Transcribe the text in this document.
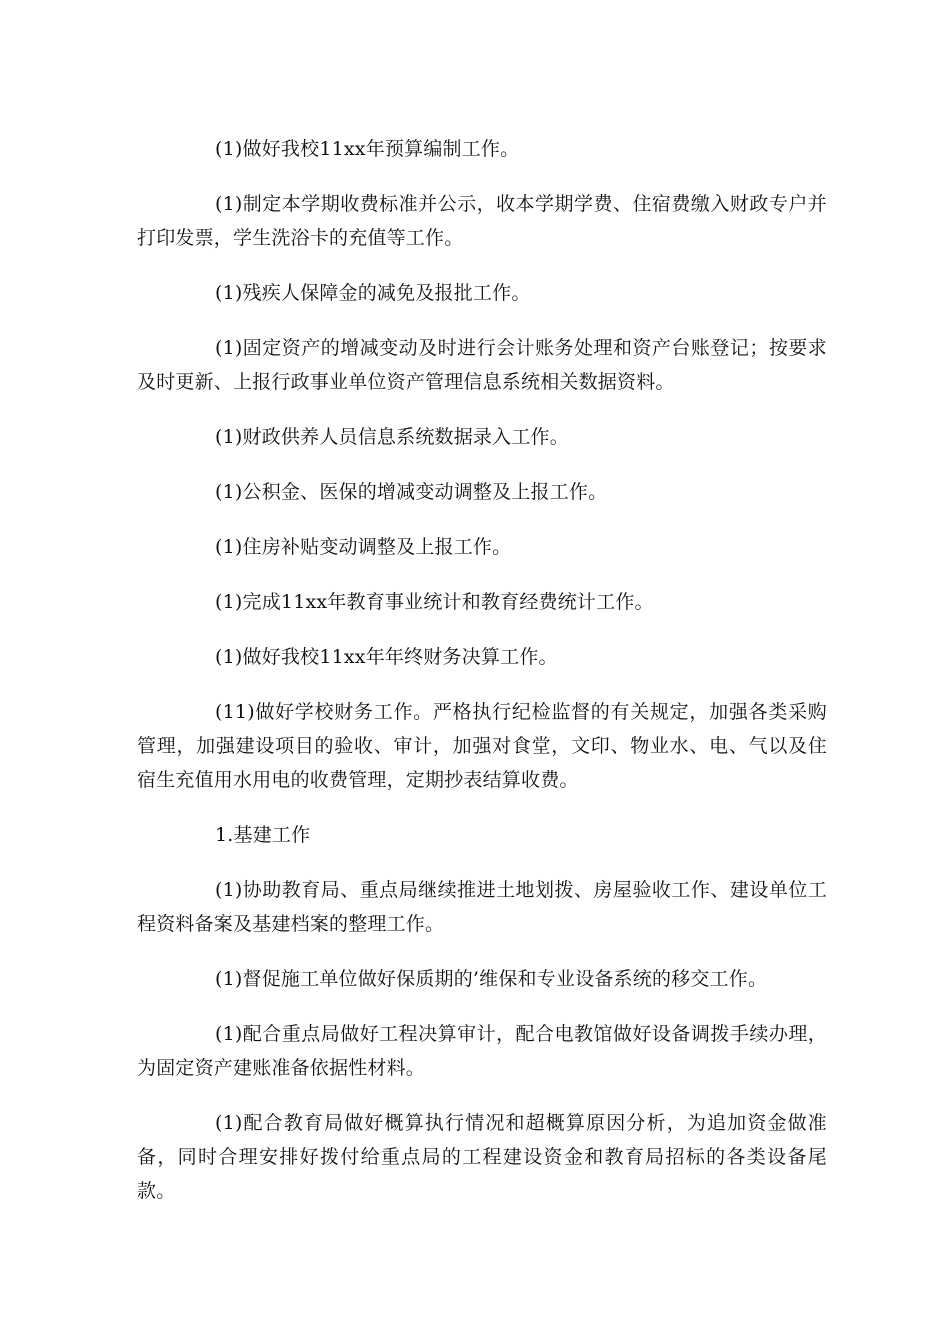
(1)做好我校11xx年预算编制工作。

(1)制定本学期收费标准并公示，收本学期学费、住宿费缴入财政专户并打印发票，学生洗浴卡的充值等工作。

(1)残疾人保障金的减免及报批工作。

(1)固定资产的增减变动及时进行会计账务处理和资产台账登记；按要求及时更新、上报行政事业单位资产管理信息系统相关数据资料。

(1)财政供养人员信息系统数据录入工作。

(1)公积金、医保的增减变动调整及上报工作。

(1)住房补贴变动调整及上报工作。

(1)完成11xx年教育事业统计和教育经费统计工作。

(1)做好我校11xx年年终财务决算工作。

(11)做好学校财务工作。严格执行纪检监督的有关规定，加强各类采购管理，加强建设项目的验收、审计，加强对食堂，文印、物业水、电、气以及住宿生充值用水用电的收费管理，定期抄表结算收费。

1.基建工作

(1)协助教育局、重点局继续推进土地划拨、房屋验收工作、建设单位工程资料备案及基建档案的整理工作。

(1)督促施工单位做好保质期的’维保和专业设备系统的移交工作。

(1)配合重点局做好工程决算审计，配合电教馆做好设备调拨手续办理，为固定资产建账准备依据性材料。

(1)配合教育局做好概算执行情况和超概算原因分析，为追加资金做准备，同时合理安排好拨付给重点局的工程建设资金和教育局招标的各类设备尾款。
